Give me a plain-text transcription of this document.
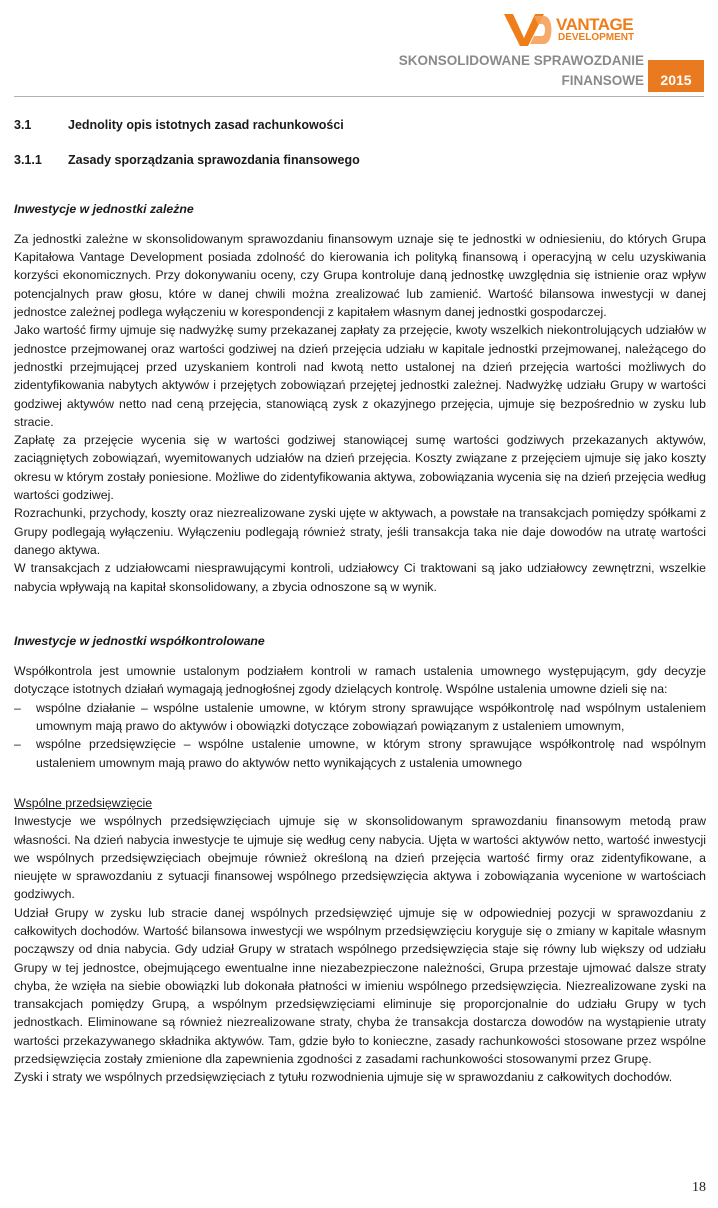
VANTAGE
DEVELOPMENT
SKONSOLIDOWANE SPRAWOZDANIE
FINANSOWE	2015
3.1	Jednolity opis istotnych zasad rachunkowości
3.1.1	Zasady sporządzania sprawozdania finansowego
Inwestycje w jednostki zależne

Za jednostki zależne w skonsolidowanym sprawozdaniu finansowym uznaje się te jednostki w odniesieniu, do których Grupa Kapitałowa Vantage Development posiada zdolność do kierowania ich polityką finansową i operacyjną w celu uzyskiwania korzyści ekonomicznych. Przy dokonywaniu oceny, czy Grupa kontroluje daną jednostkę uwzględnia się istnienie oraz wpływ potencjalnych praw głosu, które w danej chwili można zrealizować lub zamienić. Wartość bilansowa inwestycji w danej jednostce zależnej podlega wyłączeniu w korespondencji z kapitałem własnym danej jednostki gospodarczej.

Jako wartość firmy ujmuje się nadwyżkę sumy przekazanej zapłaty za przejęcie, kwoty wszelkich niekontrolujących udziałów w jednostce przejmowanej oraz wartości godziwej na dzień przejęcia udziału w kapitale jednostki przejmowanej, należącego do jednostki przejmującej przed uzyskaniem kontroli nad kwotą netto ustalonej na dzień przejęcia wartości możliwych do zidentyfikowania nabytych aktywów i przejętych zobowiązań przejętej jednostki zależnej. Nadwyżkę udziału Grupy w wartości godziwej aktywów netto nad ceną przejęcia, stanowiącą zysk z okazyjnego przejęcia, ujmuje się bezpośrednio w zysku lub stracie.

Zapłatę za przejęcie wycenia się w wartości godziwej stanowiącej sumę wartości godziwych przekazanych aktywów, zaciągniętych zobowiązań, wyemitowanych udziałów na dzień przejęcia. Koszty związane z przejęciem ujmuje się jako koszty okresu w którym zostały poniesione. Możliwe do zidentyfikowania aktywa, zobowiązania wycenia się na dzień przejęcia według wartości godziwej.

Rozrachunki, przychody, koszty oraz niezrealizowane zyski ujęte w aktywach, a powstałe na transakcjach pomiędzy spółkami z Grupy podlegają wyłączeniu. Wyłączeniu podlegają również straty, jeśli transakcja taka nie daje dowodów na utratę wartości danego aktywa.

W transakcjach z udziałowcami niesprawującymi kontroli, udziałowcy Ci traktowani są jako udziałowcy zewnętrzni, wszelkie nabycia wpływają na kapitał skonsolidowany, a zbycia odnoszone są w wynik.

Inwestycje w jednostki współkontrolowane

Współkontrola jest umownie ustalonym podziałem kontroli w ramach ustalenia umownego występującym, gdy decyzje dotyczące istotnych działań wymagają jednogłośnej zgody dzielących kontrolę. Wspólne ustalenia umowne dzieli się na:

– wspólne działanie – wspólne ustalenie umowne, w którym strony sprawujące współkontrolę nad wspólnym ustaleniem umownym mają prawo do aktywów i obowiązki dotyczące zobowiązań powiązanym z ustaleniem umownym,
– wspólne przedsięwzięcie – wspólne ustalenie umowne, w którym strony sprawujące współkontrolę nad wspólnym ustaleniem umownym mają prawo do aktywów netto wynikających z ustalenia umownego
Wspólne przedsięwzięcie

Inwestycje we wspólnych przedsięwzięciach ujmuje się w skonsolidowanym sprawozdaniu finansowym metodą praw własności. Na dzień nabycia inwestycje te ujmuje się według ceny nabycia. Ujęta w wartości aktywów netto, wartość inwestycji we wspólnych przedsięwzięciach obejmuje również określoną na dzień przejęcia wartość firmy oraz zidentyfikowane, a nieujęte w sprawozdaniu z sytuacji finansowej wspólnego przedsięwzięcia aktywa i zobowiązania wycenione w wartościach godziwych.

Udział Grupy w zysku lub stracie danej wspólnych przedsięwzięć ujmuje się w odpowiedniej pozycji w sprawozdaniu z całkowitych dochodów. Wartość bilansowa inwestycji we wspólnym przedsięwzięciu koryguje się o zmiany w kapitale własnym począwszy od dnia nabycia. Gdy udział Grupy w stratach wspólnego przedsięwzięcia staje się równy lub większy od udziału Grupy w tej jednostce, obejmującego ewentualne inne niezabezpieczone należności, Grupa przestaje ujmować dalsze straty chyba, że wzięła na siebie obowiązki lub dokonała płatności w imieniu wspólnego przedsięwzięcia. Niezrealizowane zyski na transakcjach pomiędzy Grupą, a wspólnym przedsięwzięciami eliminuje się proporcjonalnie do udziału Grupy w tych jednostkach. Eliminowane są również niezrealizowane straty, chyba że transakcja dostarcza dowodów na wystąpienie utraty wartości przekazywanego składnika aktywów. Tam, gdzie było to konieczne, zasady rachunkowości stosowane przez wspólne przedsięwzięcia zostały zmienione dla zapewnienia zgodności z zasadami rachunkowości stosowanymi przez Grupę.

Zyski i straty we wspólnych przedsięwzięciach z tytułu rozwodnienia ujmuje się w sprawozdaniu z całkowitych dochodów.

18
